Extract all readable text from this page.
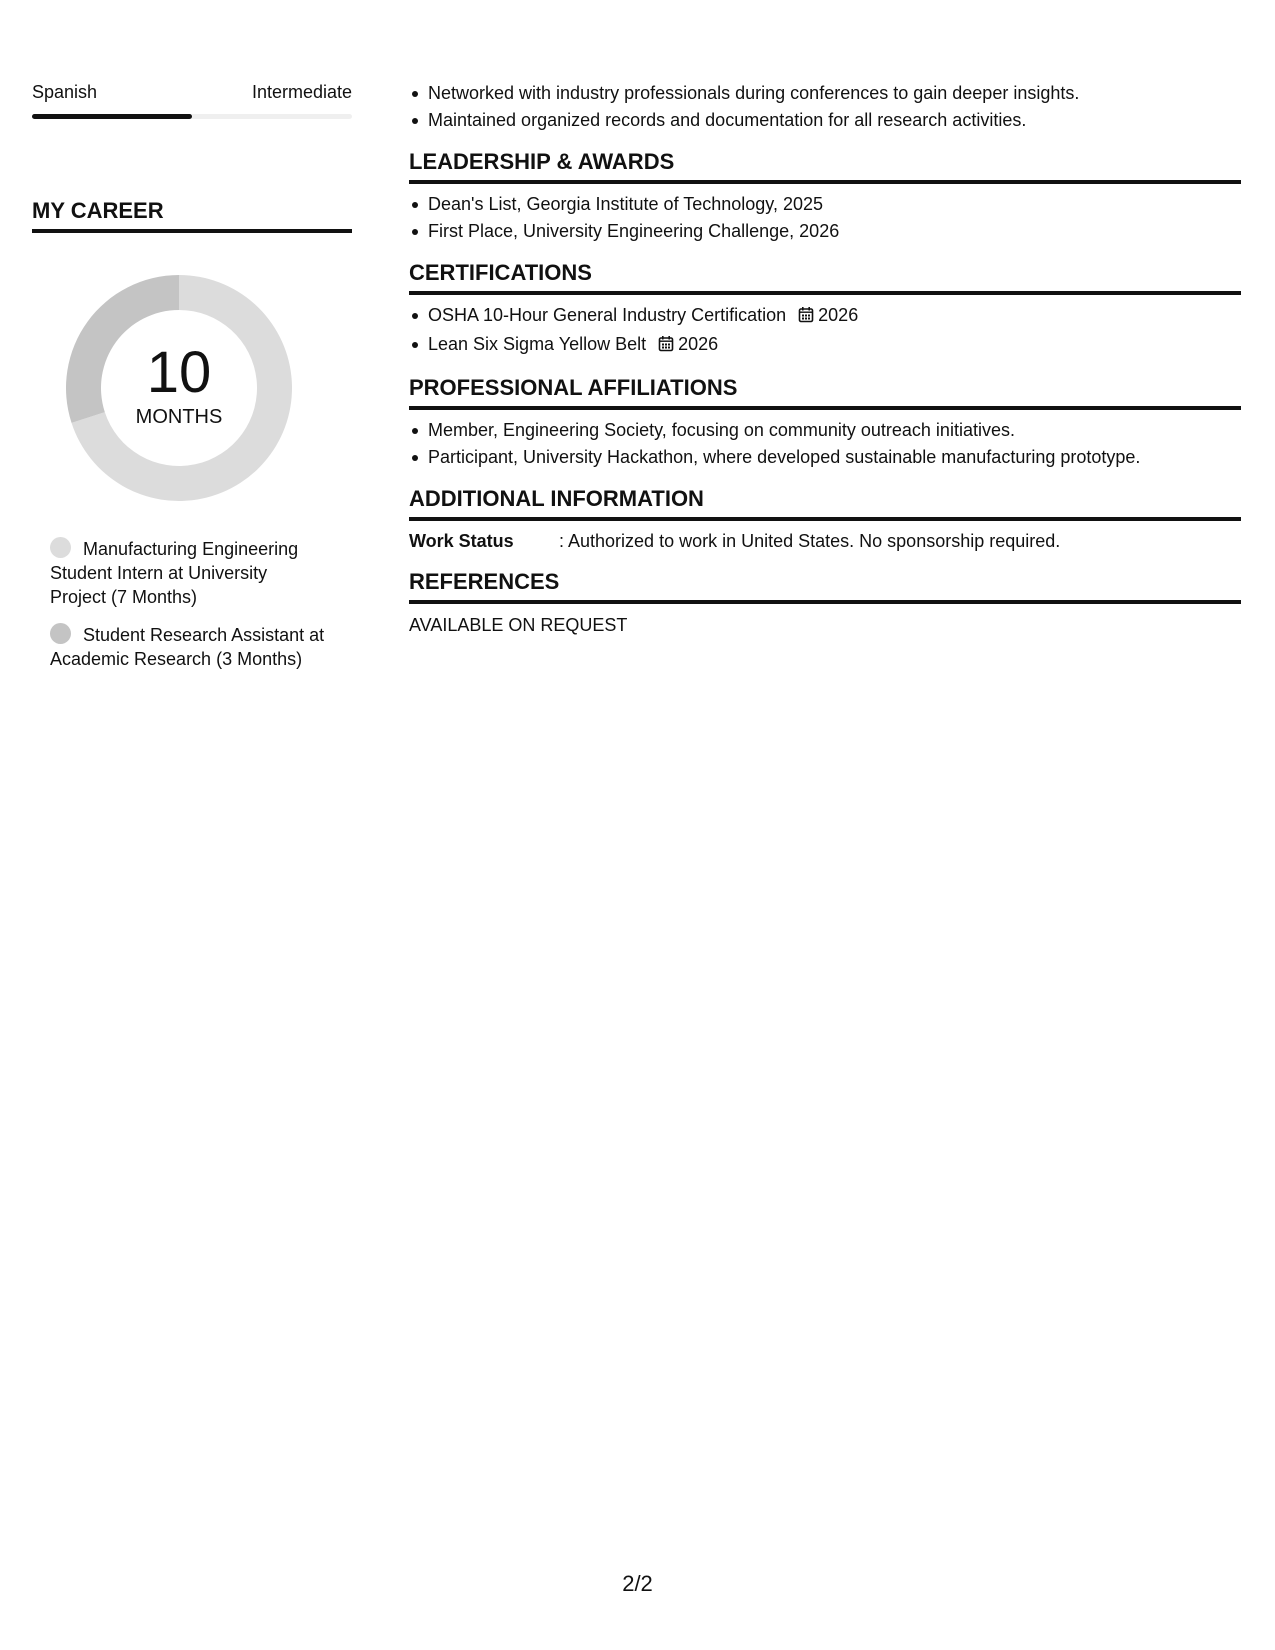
Spanish	Intermediate
MY CAREER
10
MONTHS
Manufacturing Engineering Student Intern at University Project (7 Months)
Student Research Assistant at Academic Research (3 Months)
Networked with industry professionals during conferences to gain deeper insights.
Maintained organized records and documentation for all research activities.
LEADERSHIP & AWARDS
Dean's List, Georgia Institute of Technology, 2025
First Place, University Engineering Challenge, 2026
CERTIFICATIONS
OSHA 10-Hour General Industry Certification 2026
Lean Six Sigma Yellow Belt 2026
PROFESSIONAL AFFILIATIONS
Member, Engineering Society, focusing on community outreach initiatives.
Participant, University Hackathon, where developed sustainable manufacturing prototype.
ADDITIONAL INFORMATION
Work Status	: Authorized to work in United States. No sponsorship required.
REFERENCES
AVAILABLE ON REQUEST
2/2
